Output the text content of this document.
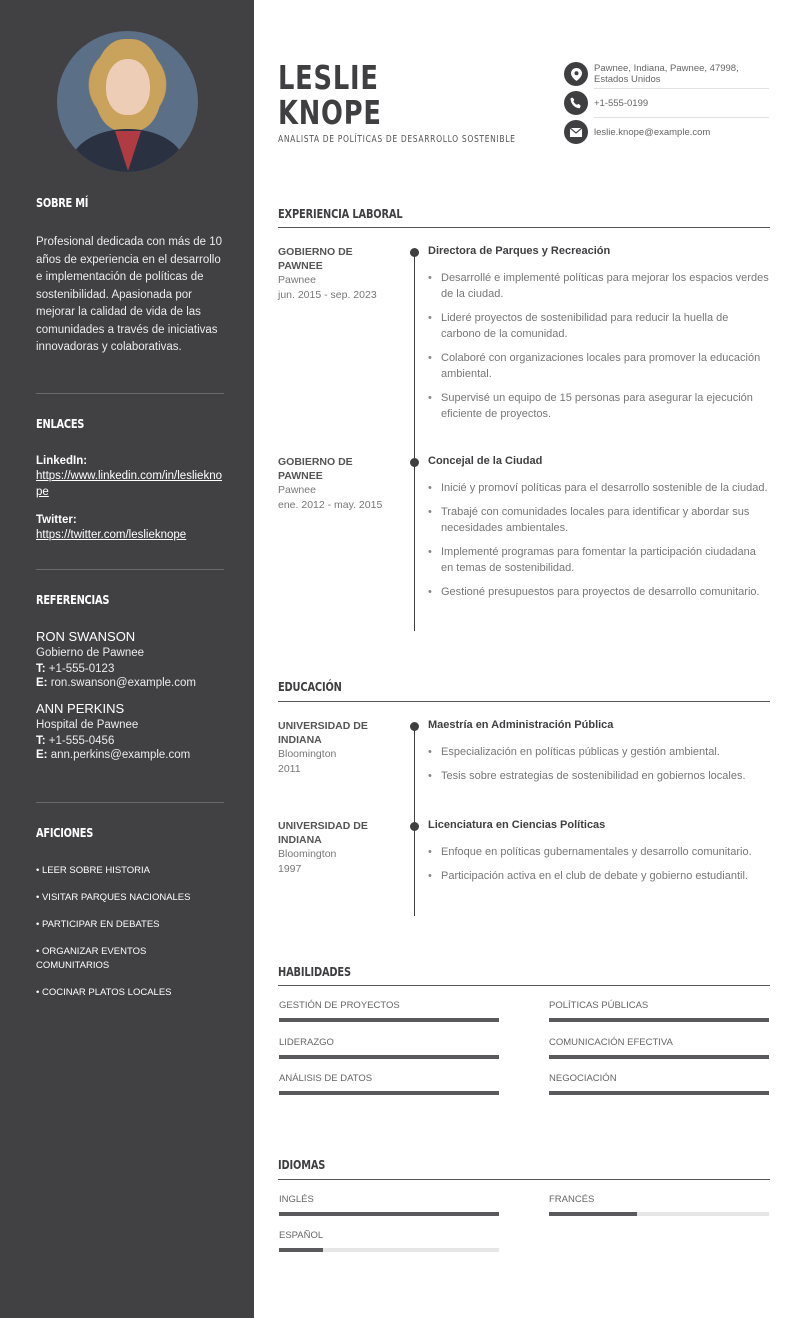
SOBRE MÍ

Profesional dedicada con más de 10 años de experiencia en el desarrollo e implementación de políticas de sostenibilidad. Apasionada por mejorar la calidad de vida de las comunidades a través de iniciativas innovadoras y colaborativas.

ENLACES
LinkedIn:
https://www.linkedin.com/in/leslieknope
Twitter:
https://twitter.com/leslieknope
REFERENCIAS
RON SWANSON
Gobierno de Pawnee
T: +1-555-0123
E: ron.swanson@example.com
ANN PERKINS
Hospital de Pawnee
T: +1-555-0456
E: ann.perkins@example.com
AFICIONES
• LEER SOBRE HISTORIA
• VISITAR PARQUES NACIONALES
• PARTICIPAR EN DEBATES
• ORGANIZAR EVENTOS COMUNITARIOS
• COCINAR PLATOS LOCALES
LESLIE
KNOPE
ANALISTA DE POLÍTICAS DE DESARROLLO SOSTENIBLE
Pawnee, Indiana, Pawnee, 47998,
Estados Unidos
+1-555-0199
leslie.knope@example.com
EXPERIENCIA LABORAL
GOBIERNO DE PAWNEE
Pawnee
jun. 2015 - sep. 2023
Directora de Parques y Recreación
• Desarrollé e implementé políticas para mejorar los espacios verdes de la ciudad.
• Lideré proyectos de sostenibilidad para reducir la huella de carbono de la comunidad.
• Colaboré con organizaciones locales para promover la educación ambiental.
• Supervisé un equipo de 15 personas para asegurar la ejecución eficiente de proyectos.
GOBIERNO DE PAWNEE
Pawnee
ene. 2012 - may. 2015
Concejal de la Ciudad
• Inicié y promoví políticas para el desarrollo sostenible de la ciudad.
• Trabajé con comunidades locales para identificar y abordar sus necesidades ambientales.
• Implementé programas para fomentar la participación ciudadana en temas de sostenibilidad.
• Gestioné presupuestos para proyectos de desarrollo comunitario.
EDUCACIÓN
UNIVERSIDAD DE INDIANA
Bloomington
2011
Maestría en Administración Pública
• Especialización en políticas públicas y gestión ambiental.
• Tesis sobre estrategias de sostenibilidad en gobiernos locales.
UNIVERSIDAD DE INDIANA
Bloomington
1997
Licenciatura en Ciencias Políticas
• Enfoque en políticas gubernamentales y desarrollo comunitario.
• Participación activa en el club de debate y gobierno estudiantil.
HABILIDADES
GESTIÓN DE PROYECTOS	POLÍTICAS PÚBLICAS
LIDERAZGO	COMUNICACIÓN EFECTIVA
ANÁLISIS DE DATOS	NEGOCIACIÓN
IDIOMAS
INGLÉS	FRANCÉS
ESPAÑOL
